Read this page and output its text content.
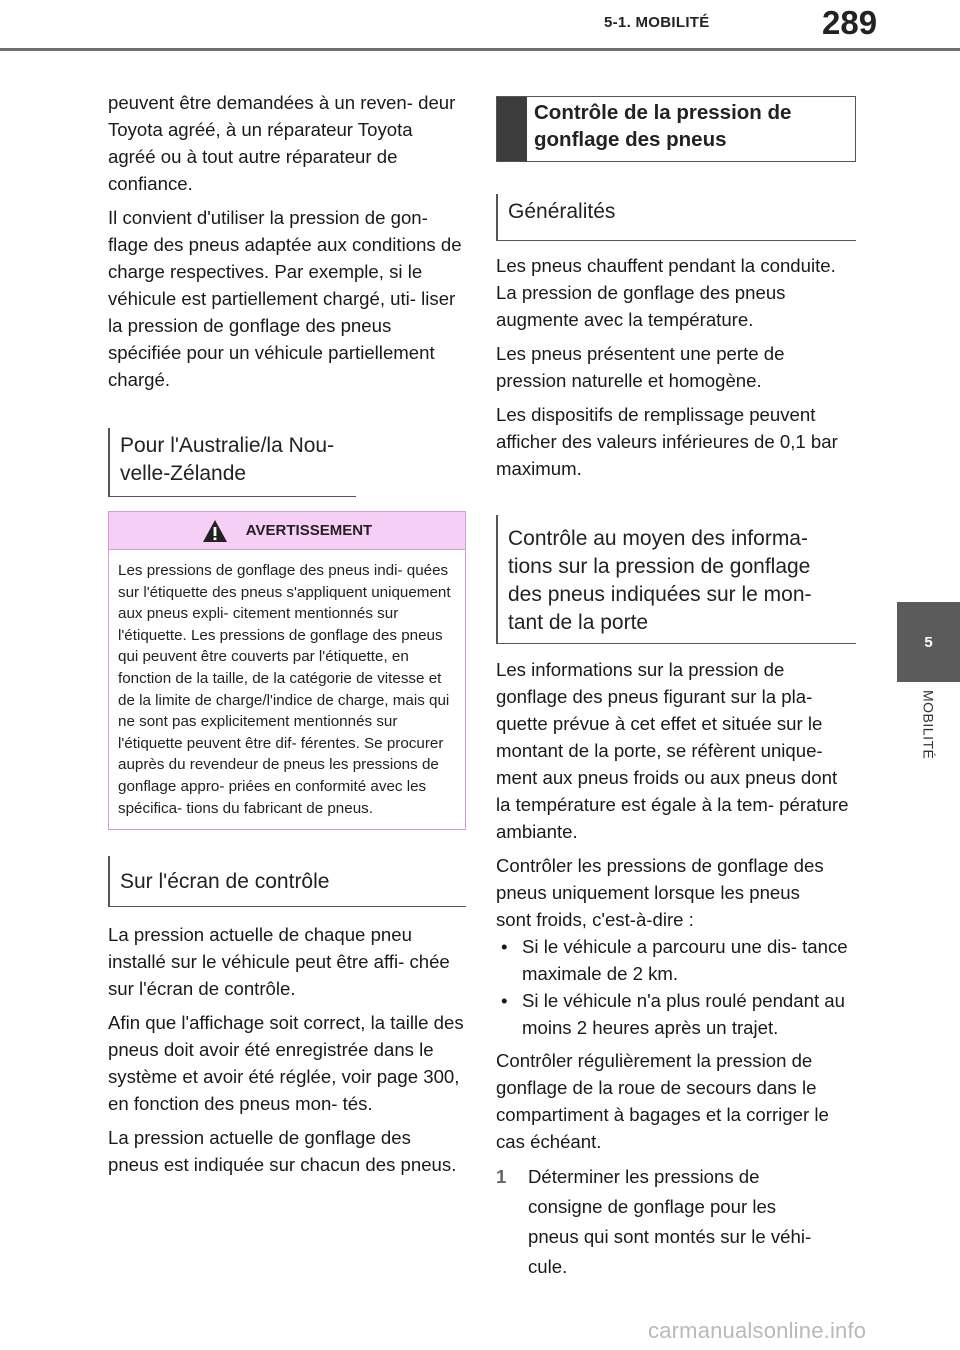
5-1. MOBILITÉ	289
5
MOBILITÉ

peuvent être demandées à un reven- deur Toyota agréé, à un réparateur Toyota agréé ou à tout autre réparateur de confiance.

Il convient d'utiliser la pression de gon- flage des pneus adaptée aux conditions de charge respectives. Par exemple, si le véhicule est partiellement chargé, uti- liser la pression de gonflage des pneus spécifiée pour un véhicule partiellement chargé.

Pour l'Australie/la Nou- velle-Zélande
AVERTISSEMENT
Les pressions de gonflage des pneus indi- quées sur l'étiquette des pneus s'appliquent uniquement aux pneus expli- citement mentionnés sur l'étiquette. Les pressions de gonflage des pneus qui peuvent être couverts par l'étiquette, en fonction de la taille, de la catégorie de vitesse et de la limite de charge/l'indice de charge, mais qui ne sont pas explicitement mentionnés sur l'étiquette peuvent être dif- férentes. Se procurer auprès du revendeur de pneus les pressions de gonflage appro- priées en conformité avec les spécifica- tions du fabricant de pneus.
Sur l'écran de contrôle

La pression actuelle de chaque pneu installé sur le véhicule peut être affi- chée sur l'écran de contrôle.

Afin que l'affichage soit correct, la taille des pneus doit avoir été enregistrée dans le système et avoir été réglée, voir page 300, en fonction des pneus mon- tés.

La pression actuelle de gonflage des pneus est indiquée sur chacun des pneus.

Contrôle de la pression de gonflage des pneus
Généralités

Les pneus chauffent pendant la conduite. La pression de gonflage des pneus augmente avec la température.

Les pneus présentent une perte de pression naturelle et homogène.

Les dispositifs de remplissage peuvent afficher des valeurs inférieures de 0,1 bar maximum.

Contrôle au moyen des informa- tions sur la pression de gonflage des pneus indiquées sur le mon- tant de la porte

Les informations sur la pression de gonflage des pneus figurant sur la pla- quette prévue à cet effet et située sur le montant de la porte, se réfèrent unique- ment aux pneus froids ou aux pneus dont la température est égale à la tem- pérature ambiante.

Contrôler les pressions de gonflage des pneus uniquement lorsque les pneus sont froids, c'est-à-dire :

• Si le véhicule a parcouru une dis- tance maximale de 2 km.
• Si le véhicule n'a plus roulé pendant au moins 2 heures après un trajet.

Contrôler régulièrement la pression de gonflage de la roue de secours dans le compartiment à bagages et la corriger le cas échéant.

1	Déterminer les pressions de consigne de gonflage pour les pneus qui sont montés sur le véhi- cule.
carmanualsonline.info
